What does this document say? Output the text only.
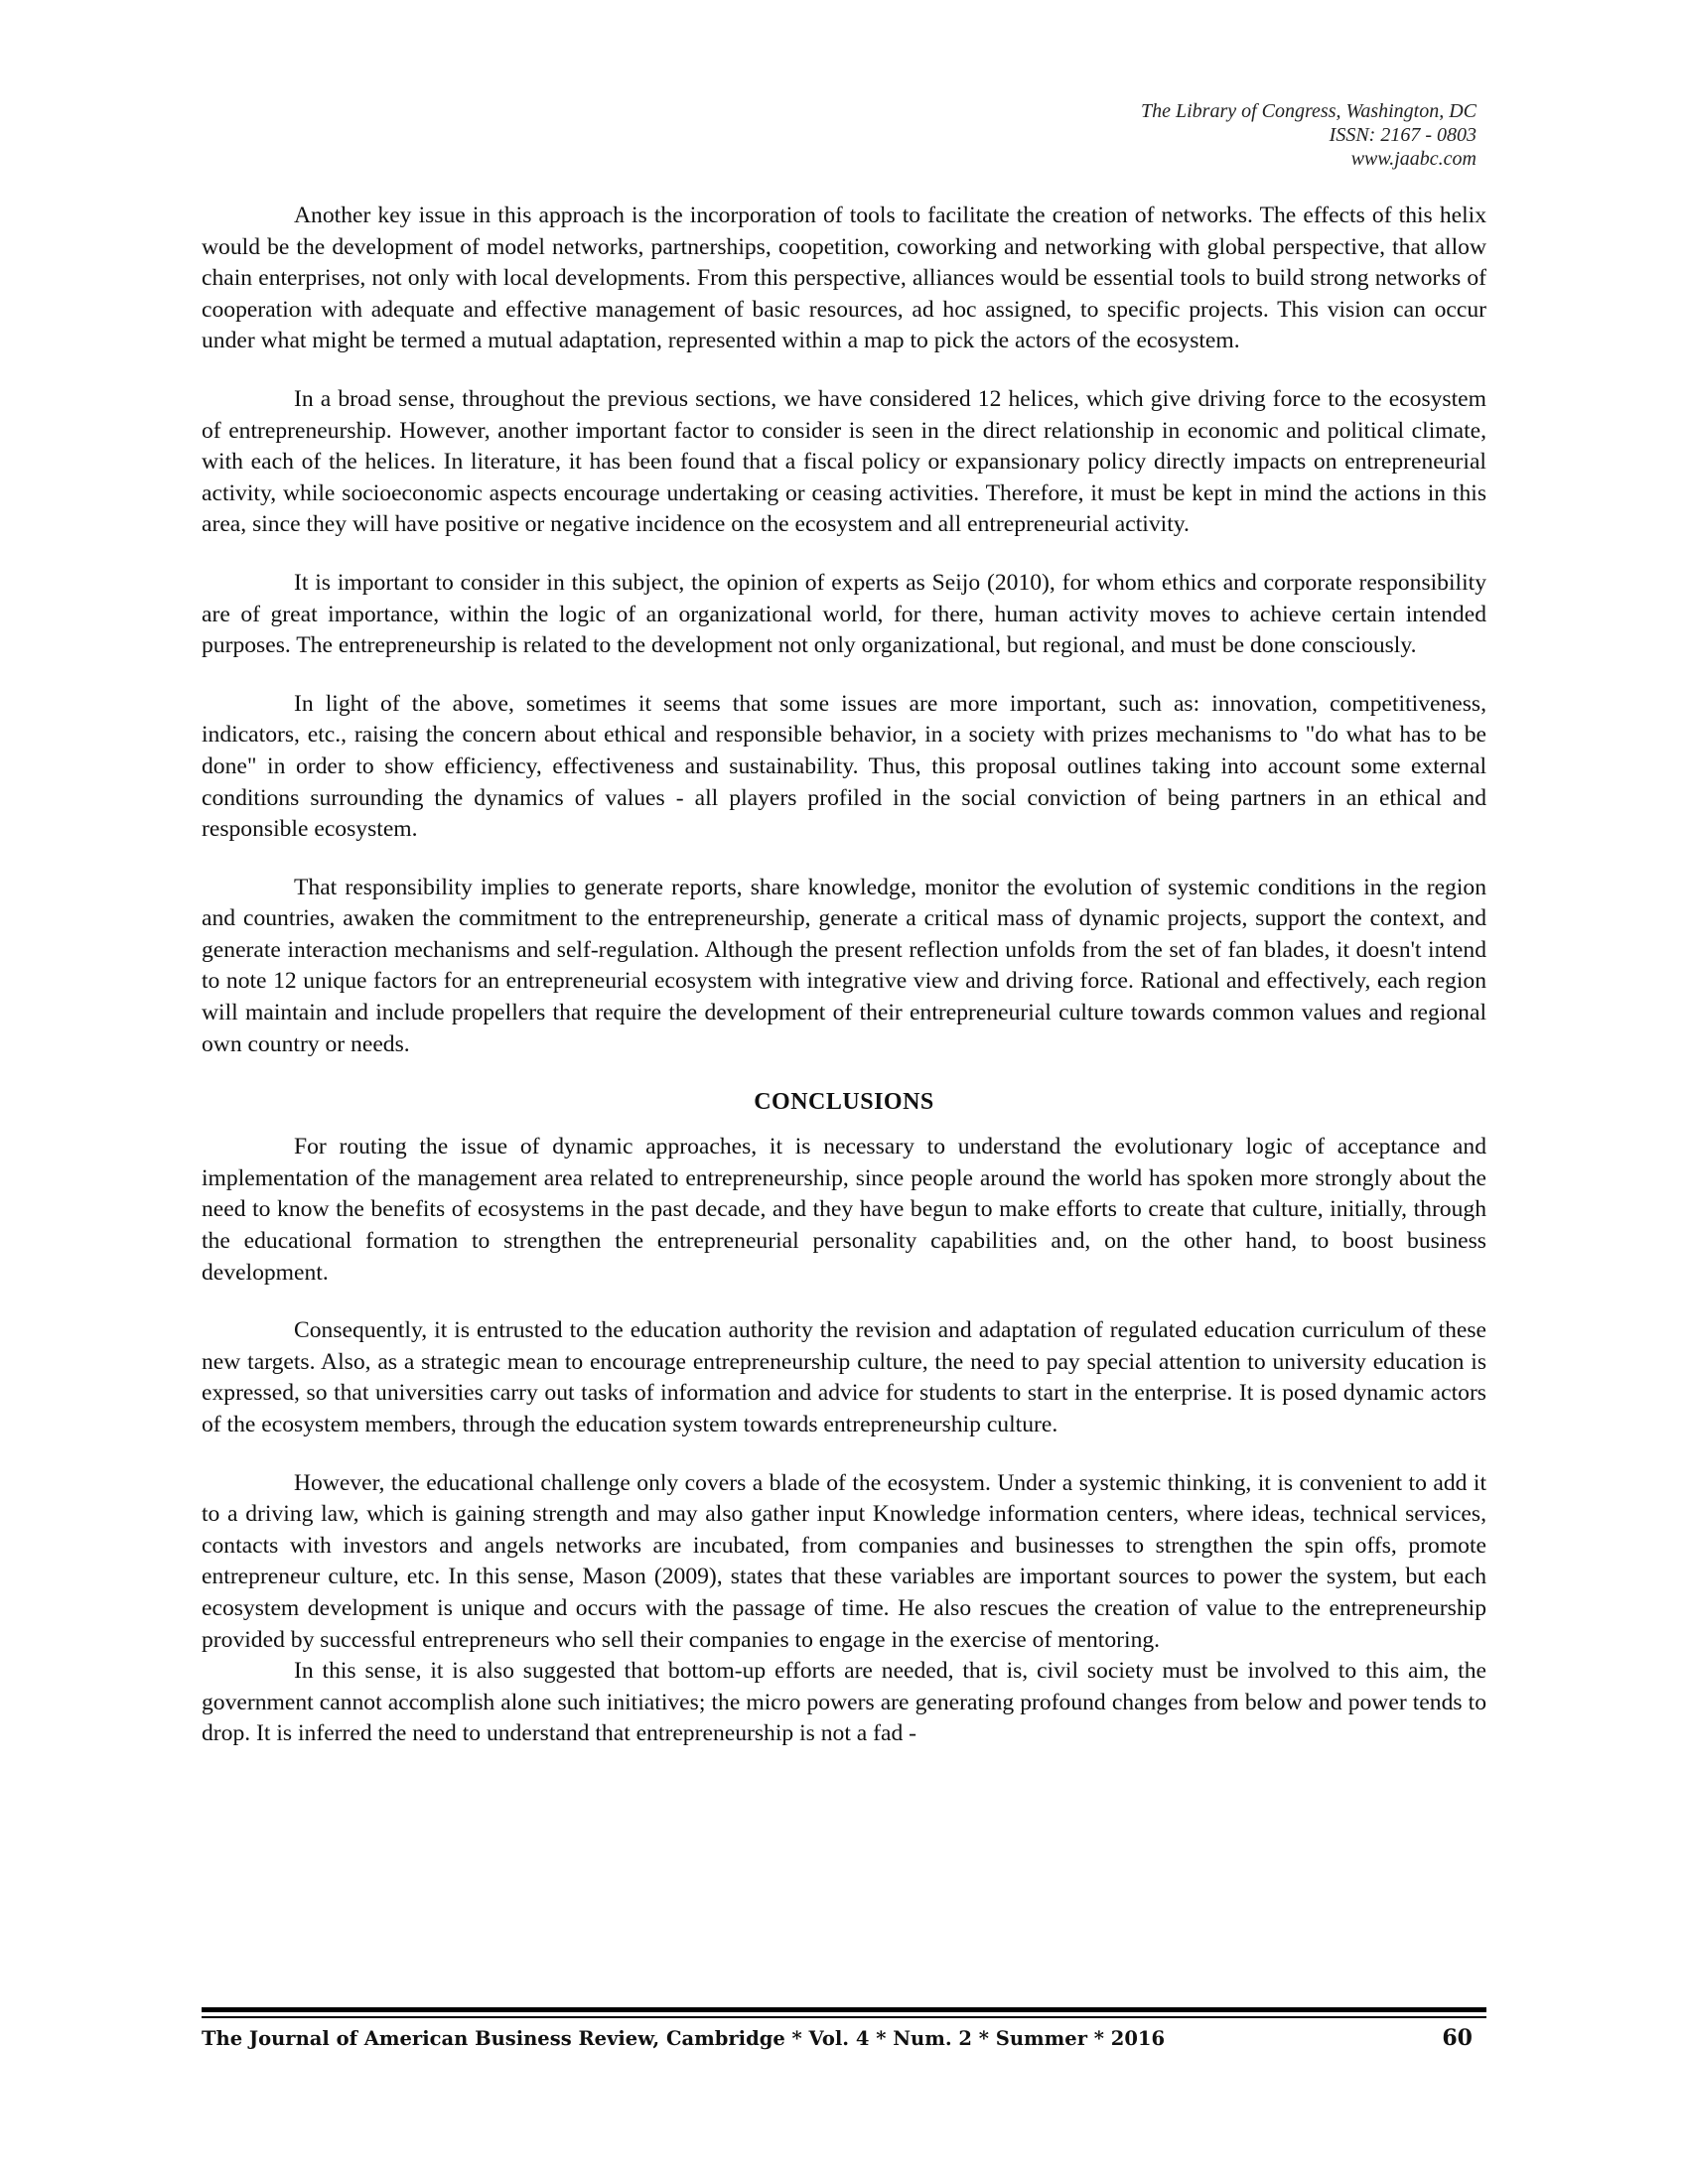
The Library of Congress, Washington, DC
ISSN: 2167 - 0803
www.jaabc.com

Another key issue in this approach is the incorporation of tools to facilitate the creation of networks. The effects of this helix would be the development of model networks, partnerships, coopetition, coworking and networking with global perspective, that allow chain enterprises, not only with local developments. From this perspective, alliances would be essential tools to build strong networks of cooperation with adequate and effective management of basic resources, ad hoc assigned, to specific projects. This vision can occur under what might be termed a mutual adaptation, represented within a map to pick the actors of the ecosystem.

In a broad sense, throughout the previous sections, we have considered 12 helices, which give driving force to the ecosystem of entrepreneurship. However, another important factor to consider is seen in the direct relationship in economic and political climate, with each of the helices. In literature, it has been found that a fiscal policy or expansionary policy directly impacts on entrepreneurial activity, while socioeconomic aspects encourage undertaking or ceasing activities. Therefore, it must be kept in mind the actions in this area, since they will have positive or negative incidence on the ecosystem and all entrepreneurial activity.

It is important to consider in this subject, the opinion of experts as Seijo (2010), for whom ethics and corporate responsibility are of great importance, within the logic of an organizational world, for there, human activity moves to achieve certain intended purposes. The entrepreneurship is related to the development not only organizational, but regional, and must be done consciously.

In light of the above, sometimes it seems that some issues are more important, such as: innovation, competitiveness, indicators, etc., raising the concern about ethical and responsible behavior, in a society with prizes mechanisms to "do what has to be done" in order to show efficiency, effectiveness and sustainability. Thus, this proposal outlines taking into account some external conditions surrounding the dynamics of values - all players profiled in the social conviction of being partners in an ethical and responsible ecosystem.

That responsibility implies to generate reports, share knowledge, monitor the evolution of systemic conditions in the region and countries, awaken the commitment to the entrepreneurship, generate a critical mass of dynamic projects, support the context, and generate interaction mechanisms and self-regulation. Although the present reflection unfolds from the set of fan blades, it doesn't intend to note 12 unique factors for an entrepreneurial ecosystem with integrative view and driving force. Rational and effectively, each region will maintain and include propellers that require the development of their entrepreneurial culture towards common values and regional own country or needs.

CONCLUSIONS

For routing the issue of dynamic approaches, it is necessary to understand the evolutionary logic of acceptance and implementation of the management area related to entrepreneurship, since people around the world has spoken more strongly about the need to know the benefits of ecosystems in the past decade, and they have begun to make efforts to create that culture, initially, through the educational formation to strengthen the entrepreneurial personality capabilities and, on the other hand, to boost business development.

Consequently, it is entrusted to the education authority the revision and adaptation of regulated education curriculum of these new targets. Also, as a strategic mean to encourage entrepreneurship culture, the need to pay special attention to university education is expressed, so that universities carry out tasks of information and advice for students to start in the enterprise. It is posed dynamic actors of the ecosystem members, through the education system towards entrepreneurship culture.

However, the educational challenge only covers a blade of the ecosystem. Under a systemic thinking, it is convenient to add it to a driving law, which is gaining strength and may also gather input Knowledge information centers, where ideas, technical services, contacts with investors and angels networks are incubated, from companies and businesses to strengthen the spin offs, promote entrepreneur culture, etc. In this sense, Mason (2009), states that these variables are important sources to power the system, but each ecosystem development is unique and occurs with the passage of time. He also rescues the creation of value to the entrepreneurship provided by successful entrepreneurs who sell their companies to engage in the exercise of mentoring.

In this sense, it is also suggested that bottom-up efforts are needed, that is, civil society must be involved to this aim, the government cannot accomplish alone such initiatives; the micro powers are generating profound changes from below and power tends to drop. It is inferred the need to understand that entrepreneurship is not a fad -

The Journal of American Business Review, Cambridge * Vol. 4 * Num. 2 * Summer * 2016	60
